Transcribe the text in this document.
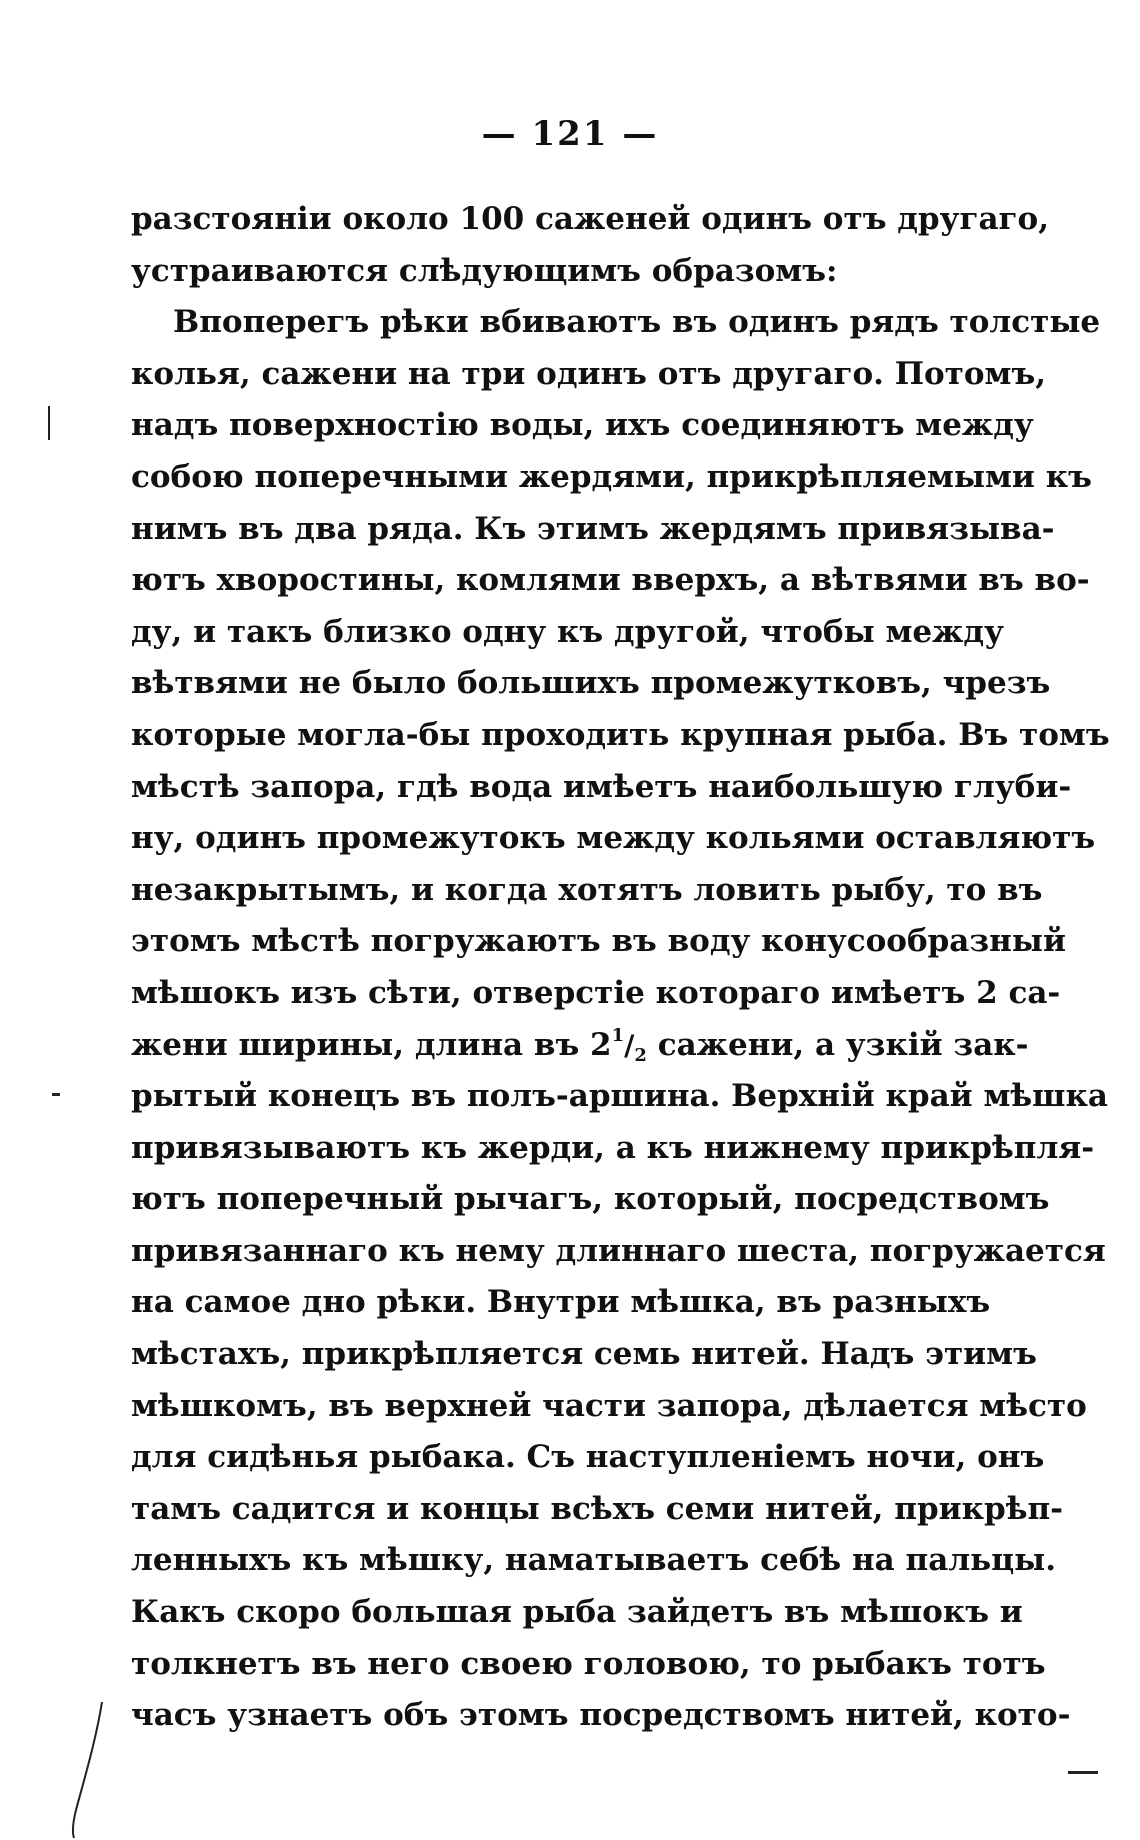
— 121 —
разстояніи около 100 саженей одинъ отъ другаго,
устраиваются слѣдующимъ образомъ:
Впоперегъ рѣки вбиваютъ въ одинъ рядъ толстые
колья, сажени на три одинъ отъ другаго. Потомъ,
надъ поверхностію воды, ихъ соединяютъ между
собою поперечными жердями, прикрѣпляемыми къ
нимъ въ два ряда. Къ этимъ жердямъ привязыва-
ютъ хворостины, комлями вверхъ, а вѣтвями въ во-
ду, и такъ близко одну къ другой, чтобы между
вѣтвями не было большихъ промежутковъ, чрезъ
которые могла-бы проходить крупная рыба. Въ томъ
мѣстѣ запора, гдѣ вода имѣетъ наибольшую глуби-
ну, одинъ промежутокъ между кольями оставляютъ
незакрытымъ, и когда хотятъ ловить рыбу, то въ
этомъ мѣстѣ погружаютъ въ воду конусообразный
мѣшокъ изъ сѣти, отверстіе котораго имѣетъ 2 са-
жени ширины, длина въ $2^1/_2$ сажени, а узкій зак-
рытый конецъ въ полъ-аршина. Верхній край мѣшка
привязываютъ къ жерди, а къ нижнему прикрѣпля-
ютъ поперечный рычагъ, который, посредствомъ
привязаннаго къ нему длиннаго шеста, погружается
на самое дно рѣки. Внутри мѣшка, въ разныхъ
мѣстахъ, прикрѣпляется семь нитей. Надъ этимъ
мѣшкомъ, въ верхней части запора, дѣлается мѣсто
для сидѣнья рыбака. Съ наступленіемъ ночи, онъ
тамъ садится и концы всѣхъ семи нитей, прикрѣп-
ленныхъ къ мѣшку, наматываетъ себѣ на пальцы.
Какъ скоро большая рыба зайдетъ въ мѣшокъ и
толкнетъ въ него своею головою, то рыбакъ тотъ
часъ узнаетъ объ этомъ посредствомъ нитей, кото-
